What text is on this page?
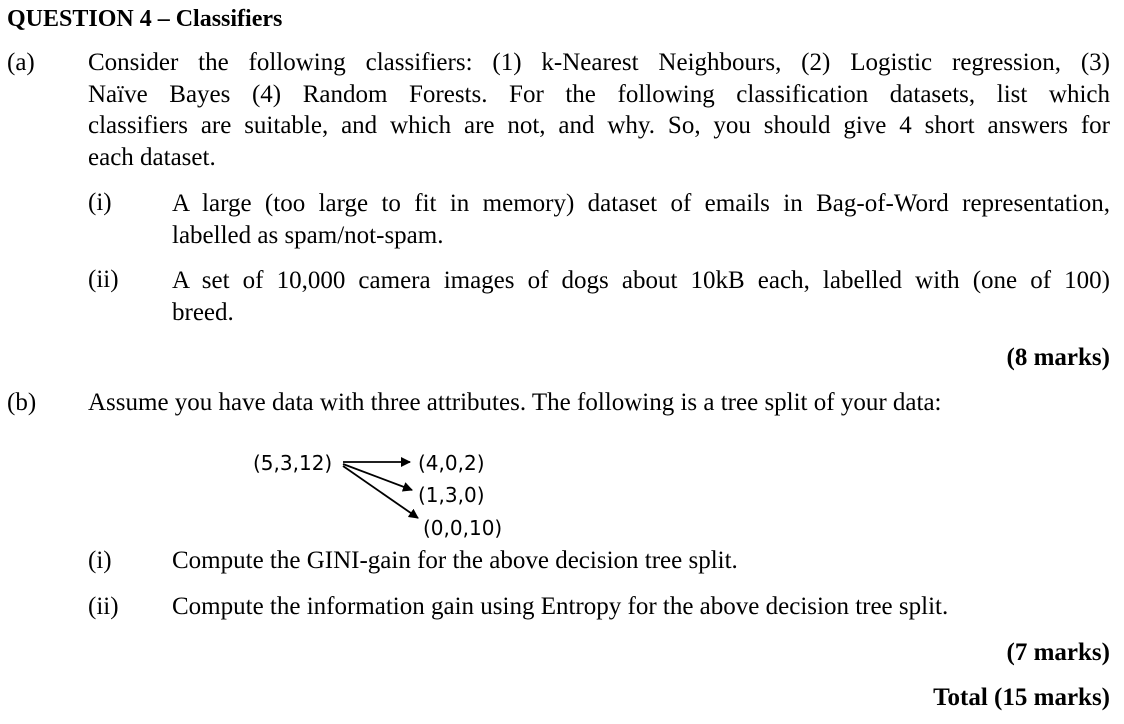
QUESTION 4 – Classifiers
(a) Consider the following classifiers: (1) k-Nearest Neighbours, (2) Logistic regression, (3)
Naïve Bayes (4) Random Forests. For the following classification datasets, list which
classifiers are suitable, and which are not, and why. So, you should give 4 short answers for
each dataset.
(i) A large (too large to fit in memory) dataset of emails in Bag-of-Word representation,
labelled as spam/not-spam.
(ii) A set of 10,000 camera images of dogs about 10kB each, labelled with (one of 100)
breed.
(8 marks)
(b) Assume you have data with three attributes. The following is a tree split of your data:
(5,3,12)	(4,0,2)
(1,3,0)
(0,0,10)
(i) Compute the GINI-gain for the above decision tree split.
(ii) Compute the information gain using Entropy for the above decision tree split.
(7 marks)
Total (15 marks)
